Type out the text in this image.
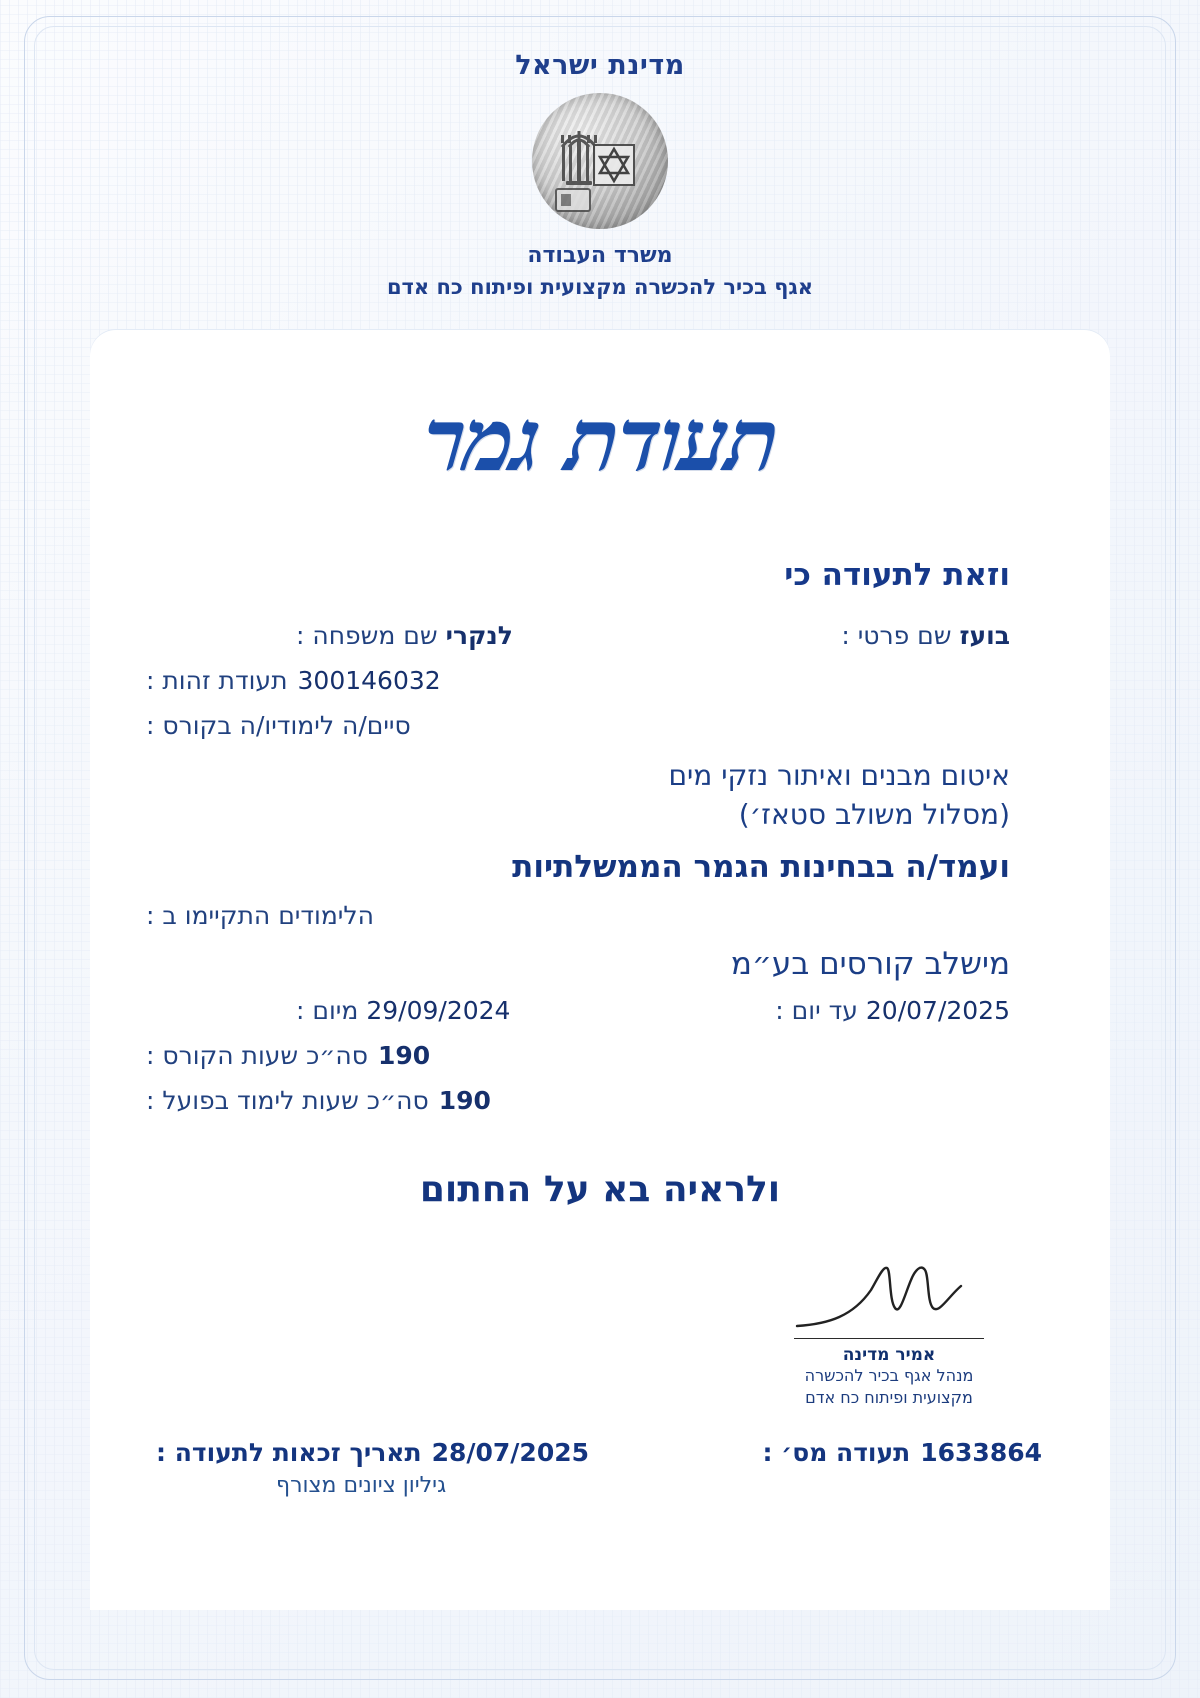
מדינת ישראל
משרד העבודה
אגף בכיר להכשרה מקצועית ופיתוח כח אדם
תעודת גמר
וזאת לתעודה כי
שם משפחה : לנקרי	שם פרטי : בועז
תעודת זהות : 300146032
סיים/ה לימודיו/ה בקורס :
איטום מבנים ואיתור נזקי מים
(מסלול משולב סטאז׳)
ועמד/ה בבחינות הגמר הממשלתיות
הלימודים התקיימו ב :
מישלב קורסים בע״מ
מיום : 29/09/2024	עד יום : 20/07/2025
סה״כ שעות הקורס : 190
סה״כ שעות לימוד בפועל : 190
ולראיה בא על החתום
אמיר מדינה
מנהל אגף בכיר להכשרה
מקצועית ופיתוח כח אדם
תאריך זכאות לתעודה : 28/07/2025	תעודה מס׳ : 1633864
גיליון ציונים מצורף
